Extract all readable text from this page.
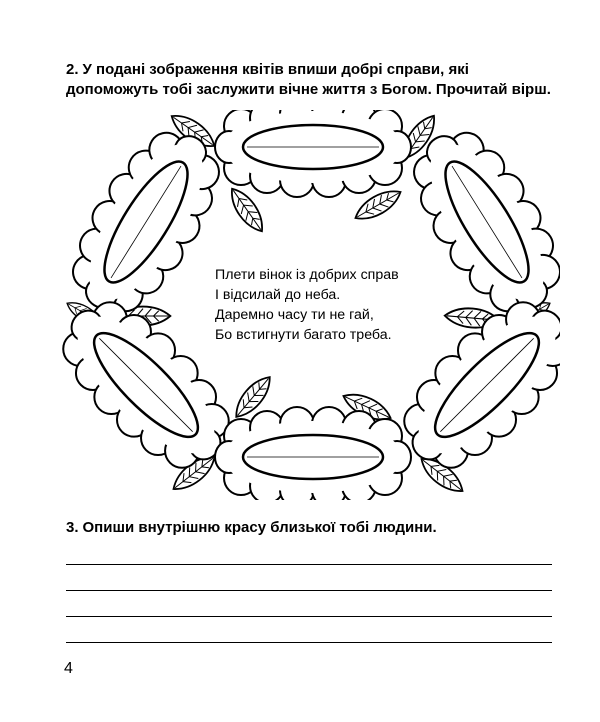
2. У подані зображення квітів впиши добрі справи, які допоможуть тобі заслужити вічне життя з Богом. Прочитай вірш.
Плети вінок із добрих справ
І відсилай до неба.
Даремно часу ти не гай,
Бо встигнути багато треба.
3. Опиши внутрішню красу близької тобі людини.
4
